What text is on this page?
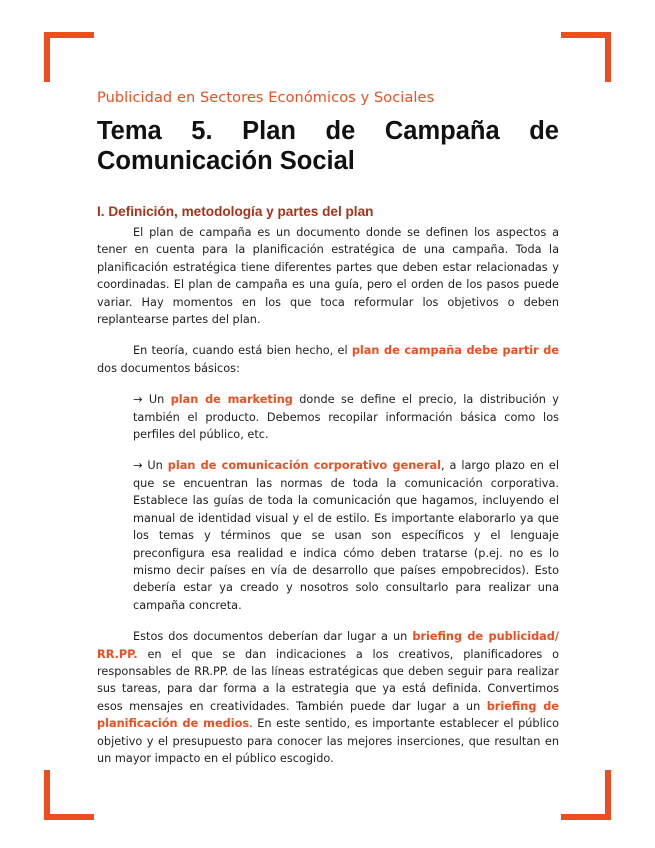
Publicidad en Sectores Económicos y Sociales
Tema 5. Plan de Campaña de Comunicación Social
I. Definición, metodología y partes del plan

El plan de campaña es un documento donde se definen los aspectos a tener en cuenta para la planificación estratégica de una campaña. Toda la planificación estratégica tiene diferentes partes que deben estar relacionadas y coordinadas. El plan de campaña es una guía, pero el orden de los pasos puede variar. Hay momentos en los que toca reformular los objetivos o deben replantearse partes del plan.

En teoría, cuando está bien hecho, el plan de campaña debe partir de dos documentos básicos:

→ Un plan de marketing donde se define el precio, la distribución y también el producto. Debemos recopilar información básica como los perfiles del público, etc.

→ Un plan de comunicación corporativo general, a largo plazo en el que se encuentran las normas de toda la comunicación corporativa. Establece las guías de toda la comunicación que hagamos, incluyendo el manual de identidad visual y el de estilo. Es importante elaborarlo ya que los temas y términos que se usan son específicos y el lenguaje preconfigura esa realidad e indica cómo deben tratarse (p.ej. no es lo mismo decir países en vía de desarrollo que países empobrecidos). Esto debería estar ya creado y nosotros solo consultarlo para realizar una campaña concreta.

Estos dos documentos deberían dar lugar a un briefing de publicidad/ RR.PP. en el que se dan indicaciones a los creativos, planificadores o responsables de RR.PP. de las líneas estratégicas que deben seguir para realizar sus tareas, para dar forma a la estrategia que ya está definida. Convertimos esos mensajes en creatividades. También puede dar lugar a un briefing de planificación de medios. En este sentido, es importante establecer el público objetivo y el presupuesto para conocer las mejores inserciones, que resultan en un mayor impacto en el público escogido.
